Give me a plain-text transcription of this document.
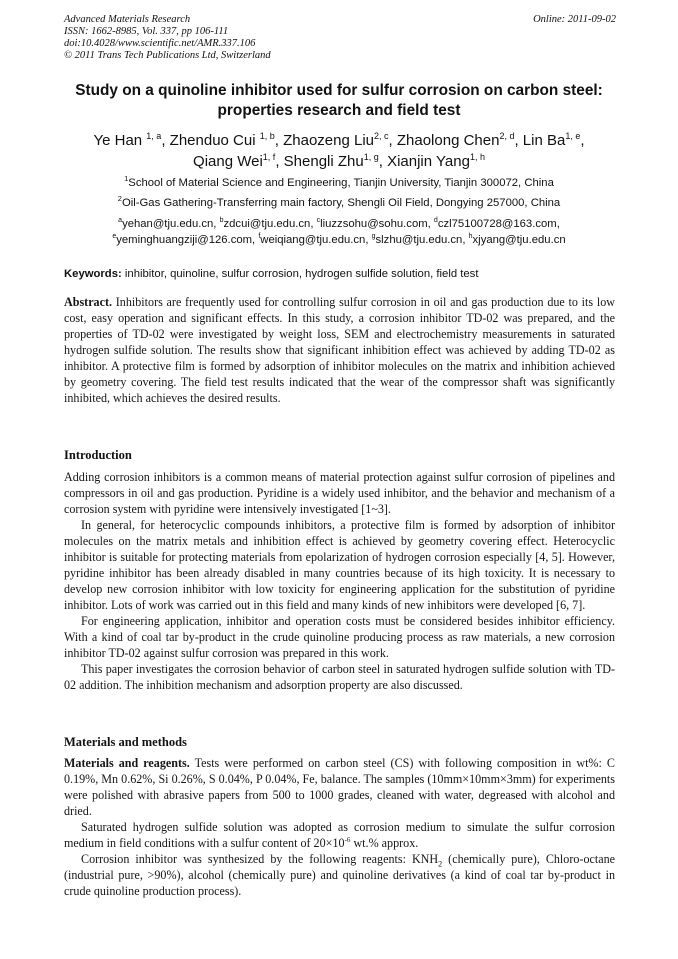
Advanced Materials Research
ISSN: 1662-8985, Vol. 337, pp 106-111
doi:10.4028/www.scientific.net/AMR.337.106
© 2011 Trans Tech Publications Ltd, Switzerland
Online: 2011-09-02
Study on a quinoline inhibitor used for sulfur corrosion on carbon steel: properties research and field test
Ye Han $^{1, a}$, Zhenduo Cui $^{1, b}$, Zhaozeng Liu$^{2, c}$, Zhaolong Chen$^{2, d}$, Lin Ba$^{1, e}$,
Qiang Wei$^{1, f}$, Shengli Zhu$^{1, g}$, Xianjin Yang$^{1, h}$
$^1$School of Material Science and Engineering, Tianjin University, Tianjin 300072, China
$^2$Oil-Gas Gathering-Transferring main factory, Shengli Oil Field, Dongying 257000, China
$^a$yehan@tju.edu.cn, $^b$zdcui@tju.edu.cn, $^c$liuzzsohu@sohu.com, $^d$czl75100728@163.com,
$^e$yeminghuangziji@126.com, $^f$weiqiang@tju.edu.cn, $^g$slzhu@tju.edu.cn, $^h$xjyang@tju.edu.cn
Keywords: inhibitor, quinoline, sulfur corrosion, hydrogen sulfide solution, field test

Abstract. Inhibitors are frequently used for controlling sulfur corrosion in oil and gas production due to its low cost, easy operation and significant effects. In this study, a corrosion inhibitor TD-02 was prepared, and the properties of TD-02 were investigated by weight loss, SEM and electrochemistry measurements in saturated hydrogen sulfide solution. The results show that significant inhibition effect was achieved by adding TD-02 as inhibitor. A protective film is formed by adsorption of inhibitor molecules on the matrix and inhibition achieved by geometry covering. The field test results indicated that the wear of the compressor shaft was significantly inhibited, which achieves the desired results.

Introduction

Adding corrosion inhibitors is a common means of material protection against sulfur corrosion of pipelines and compressors in oil and gas production. Pyridine is a widely used inhibitor, and the behavior and mechanism of a corrosion system with pyridine were intensively investigated [1~3].

In general, for heterocyclic compounds inhibitors, a protective film is formed by adsorption of inhibitor molecules on the matrix metals and inhibition effect is achieved by geometry covering effect. Heterocyclic inhibitor is suitable for protecting materials from epolarization of hydrogen corrosion especially [4, 5]. However, pyridine inhibitor has been already disabled in many countries because of its high toxicity. It is necessary to develop new corrosion inhibitor with low toxicity for engineering application for the substitution of pyridine inhibitor. Lots of work was carried out in this field and many kinds of new inhibitors were developed [6, 7].

For engineering application, inhibitor and operation costs must be considered besides inhibitor efficiency. With a kind of coal tar by-product in the crude quinoline producing process as raw materials, a new corrosion inhibitor TD-02 against sulfur corrosion was prepared in this work.

This paper investigates the corrosion behavior of carbon steel in saturated hydrogen sulfide solution with TD-02 addition. The inhibition mechanism and adsorption property are also discussed.

Materials and methods

Materials and reagents. Tests were performed on carbon steel (CS) with following composition in wt%: C 0.19%, Mn 0.62%, Si 0.26%, S 0.04%, P 0.04%, Fe, balance. The samples (10mm×10mm×3mm) for experiments were polished with abrasive papers from 500 to 1000 grades, cleaned with water, degreased with alcohol and dried.

Saturated hydrogen sulfide solution was adopted as corrosion medium to simulate the sulfur corrosion medium in field conditions with a sulfur content of $20\times 10^{-6}$ wt.% approx.

Corrosion inhibitor was synthesized by the following reagents: $KNH_2$ (chemically pure), Chloro-octane (industrial pure, >90%), alcohol (chemically pure) and quinoline derivatives (a kind of coal tar by-product in crude quinoline production process).
